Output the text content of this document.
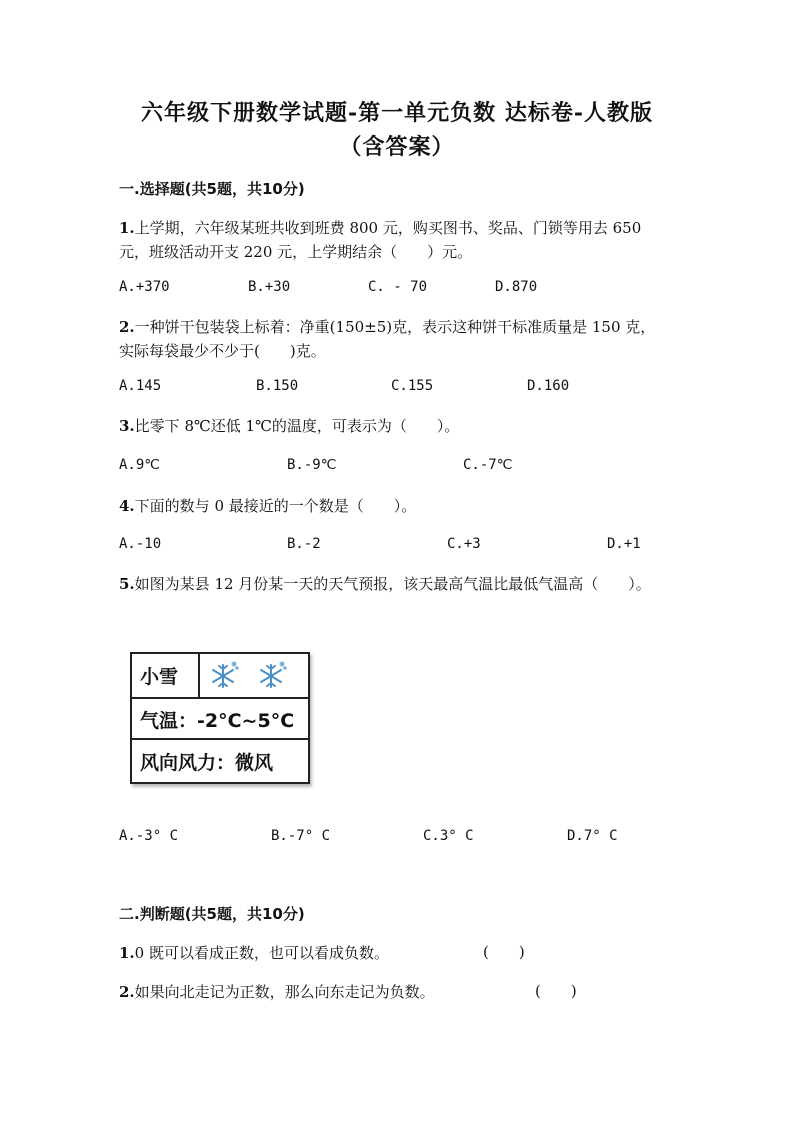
六年级下册数学试题-第一单元负数 达标卷-人教版
（含答案）
一.选择题(共5题，共10分)
1.上学期，六年级某班共收到班费 800 元，购买图书、奖品、门锁等用去 650
元，班级活动开支 220 元，上学期结余（　　）元。
A.+370	B.+30	C. - 70	D.870
2.一种饼干包装袋上标着：净重(150±5)克，表示这种饼干标准质量是 150 克，
实际每袋最少不少于(　　)克。
A.145	B.150	C.155	D.160
3.比零下 8℃还低 1℃的温度，可表示为（　　）。
A.9℃	B.-9℃	C.-7℃
4.下面的数与 0 最接近的一个数是（　　）。
A.-10	B.-2	C.+3	D.+1
5.如图为某县 12 月份某一天的天气预报，该天最高气温比最低气温高（　　）。
小雪
气温：-2°C~5°C
风向风力：微风
A.-3° C	B.-7° C	C.3° C	D.7° C
二.判断题(共5题，共10分)
1.0 既可以看成正数，也可以看成负数。	(　　)
2.如果向北走记为正数，那么向东走记为负数。	(　　)
